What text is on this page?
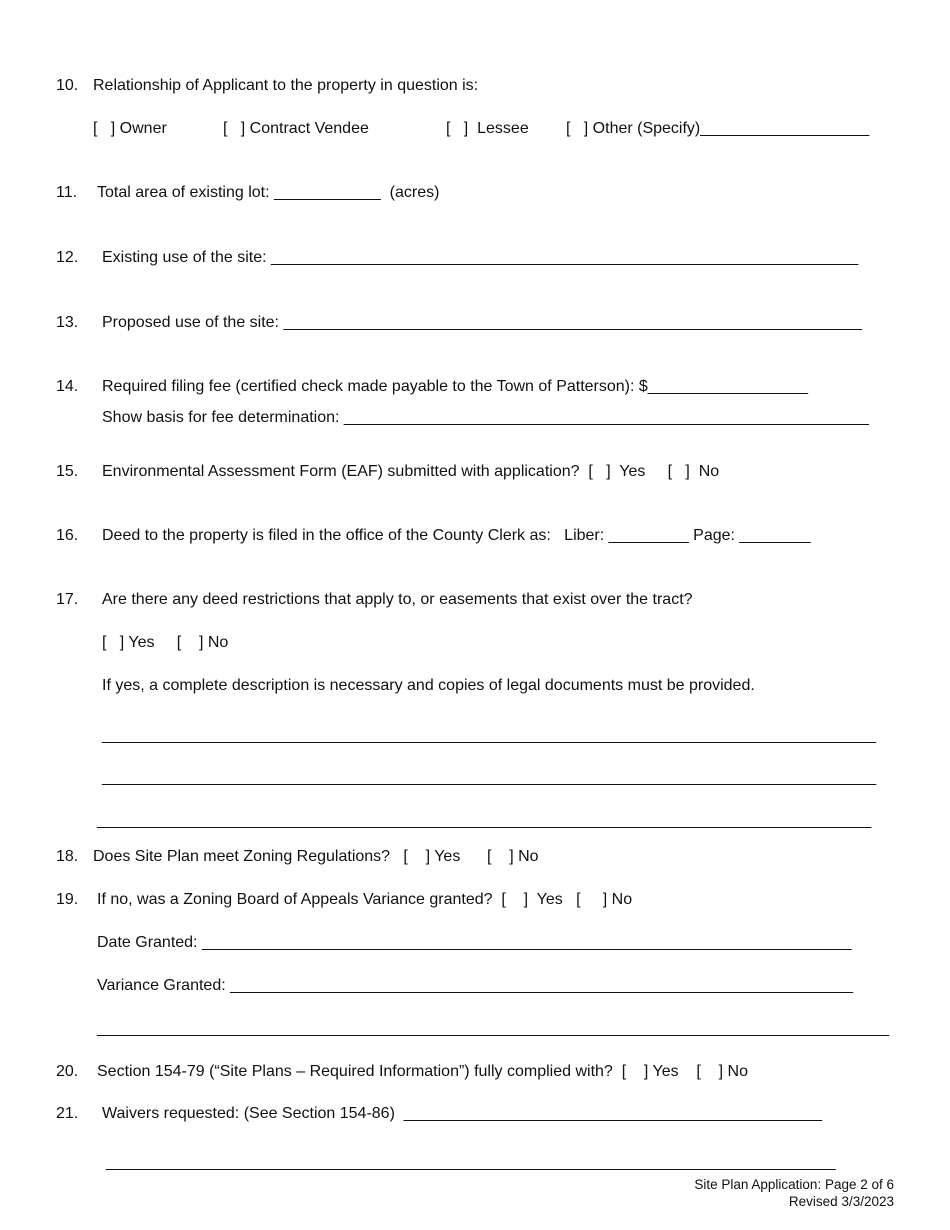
10. Relationship of Applicant to the property in question is:
[   ] Owner	[   ] Contract Vendee	[   ]  Lessee [   ] Other (Specify)___________________
11. Total area of existing lot: ____________  (acres)
12. Existing use of the site: __________________________________________________________________
13. Proposed use of the site: _________________________________________________________________
14. Required filing fee (certified check made payable to the Town of Patterson): $__________________
Show basis for fee determination: ___________________________________________________________
15. Environmental Assessment Form (EAF) submitted with application?  [   ]  Yes     [   ]  No
16. Deed to the property is filed in the office of the County Clerk as:   Liber: _________ Page: ________
17. Are there any deed restrictions that apply to, or easements that exist over the tract?
[   ] Yes     [    ] No
If yes, a complete description is necessary and copies of legal documents must be provided.
_______________________________________________________________________________________
_______________________________________________________________________________________
_______________________________________________________________________________________
18. Does Site Plan meet Zoning Regulations?   [    ] Yes      [    ] No
19. If no, was a Zoning Board of Appeals Variance granted?  [    ]  Yes   [     ] No
Date Granted: _________________________________________________________________________
Variance Granted: ______________________________________________________________________
_________________________________________________________________________________________
20. Section 154-79 (“Site Plans – Required Information”) fully complied with?  [    ] Yes    [    ] No
21. Waivers requested: (See Section 154-86)  _______________________________________________
__________________________________________________________________________________
Site Plan Application: Page 2 of 6
Revised 3/3/2023
